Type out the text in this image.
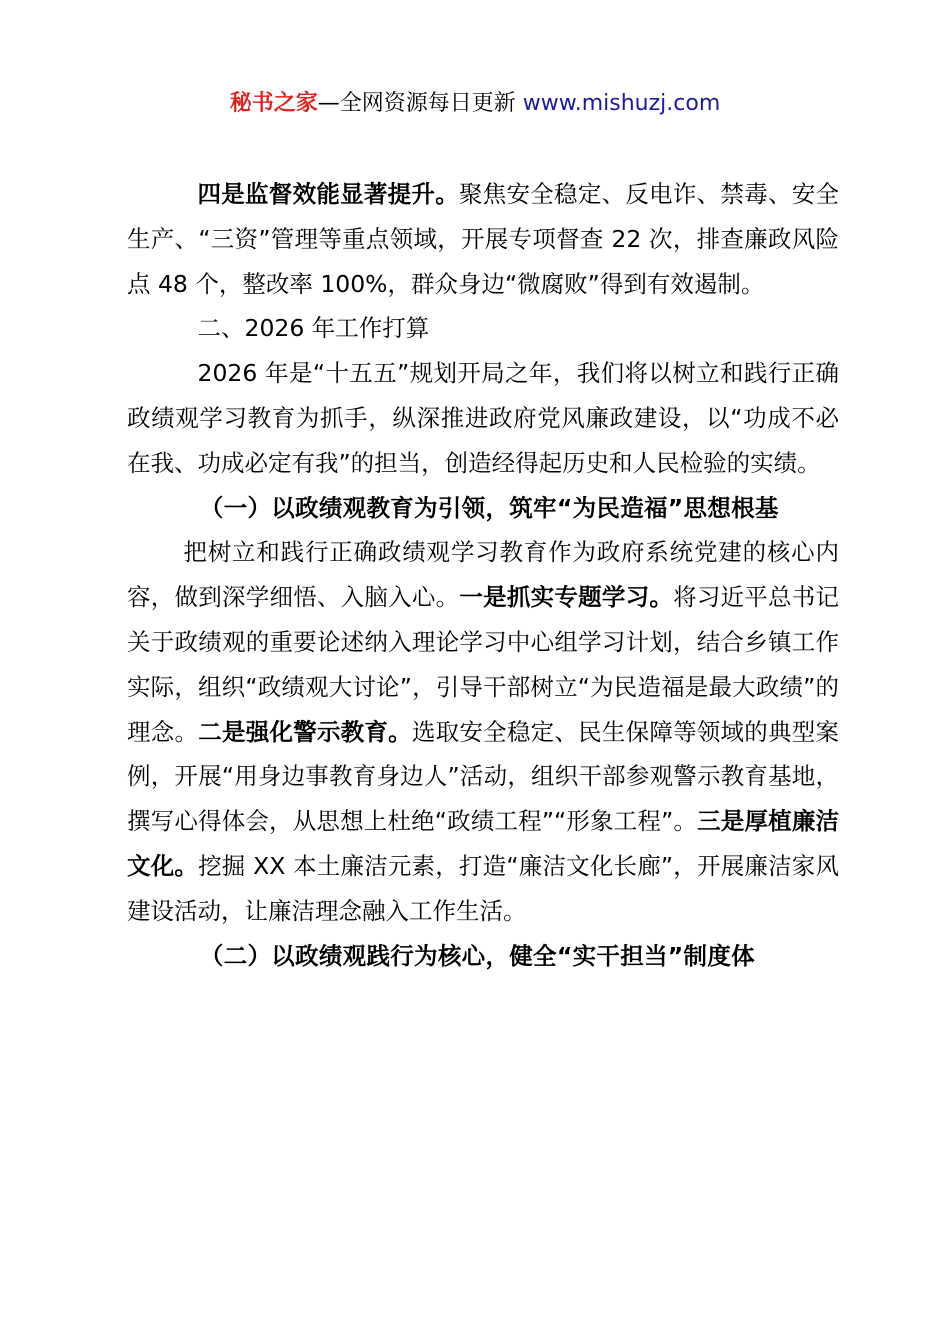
秘书之家—全网资源每日更新 www.mishuzj.com

四是监督效能显著提升。聚焦安全稳定、反电诈、禁毒、安全生产、“三资”管理等重点领域，开展专项督查 22 次，排查廉政风险点 48 个，整改率 100%，群众身边“微腐败”得到有效遏制。

二、2026 年工作打算

2026 年是“十五五”规划开局之年，我们将以树立和践行正确政绩观学习教育为抓手，纵深推进政府党风廉政建设，以“功成不必在我、功成必定有我”的担当，创造经得起历史和人民检验的实绩。

（一）以政绩观教育为引领，筑牢“为民造福”思想根基

把树立和践行正确政绩观学习教育作为政府系统党建的核心内容，做到深学细悟、入脑入心。一是抓实专题学习。将习近平总书记关于政绩观的重要论述纳入理论学习中心组学习计划，结合乡镇工作实际，组织“政绩观大讨论”，引导干部树立“为民造福是最大政绩”的理念。二是强化警示教育。选取安全稳定、民生保障等领域的典型案例，开展“用身边事教育身边人”活动，组织干部参观警示教育基地，撰写心得体会，从思想上杜绝“政绩工程”“形象工程”。三是厚植廉洁文化。挖掘 XX 本土廉洁元素，打造“廉洁文化长廊”，开展廉洁家风建设活动，让廉洁理念融入工作生活。

（二）以政绩观践行为核心，健全“实干担当”制度体
